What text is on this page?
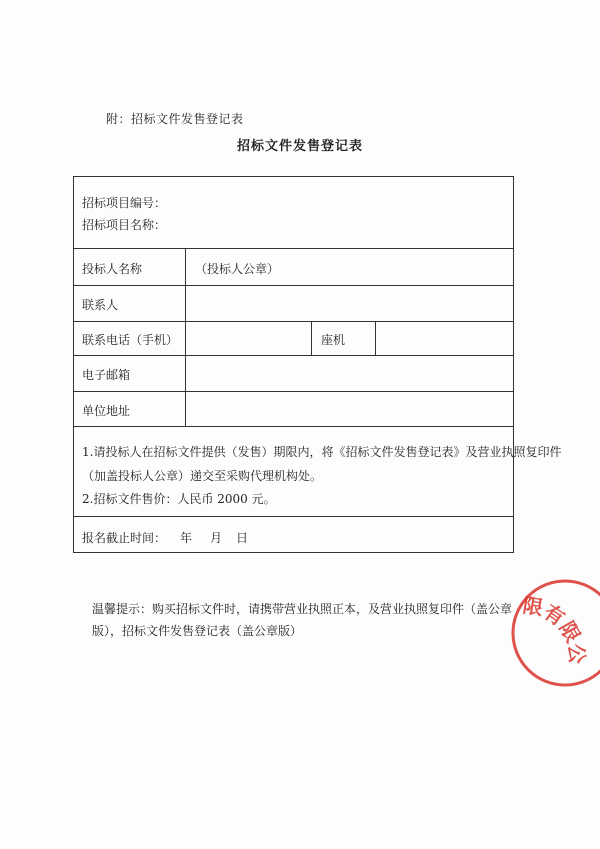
附：招标文件发售登记表
招标文件发售登记表
招标项目编号：
招标项目名称：
投标人名称	（投标人公章）
联系人
联系电话（手机）	座机
电子邮箱
单位地址
1.请投标人在招标文件提供（发售）期限内，将《招标文件发售登记表》及营业执照复印件
（加盖投标人公章）递交至采购代理机构处。
2.招标文件售价：人民币 2000 元。
报名截止时间： 年 月 日
温馨提示：购买招标文件时，请携带营业执照正本，及营业执照复印件（盖公章版），招标文件发售登记表（盖公章版）
限有限公
